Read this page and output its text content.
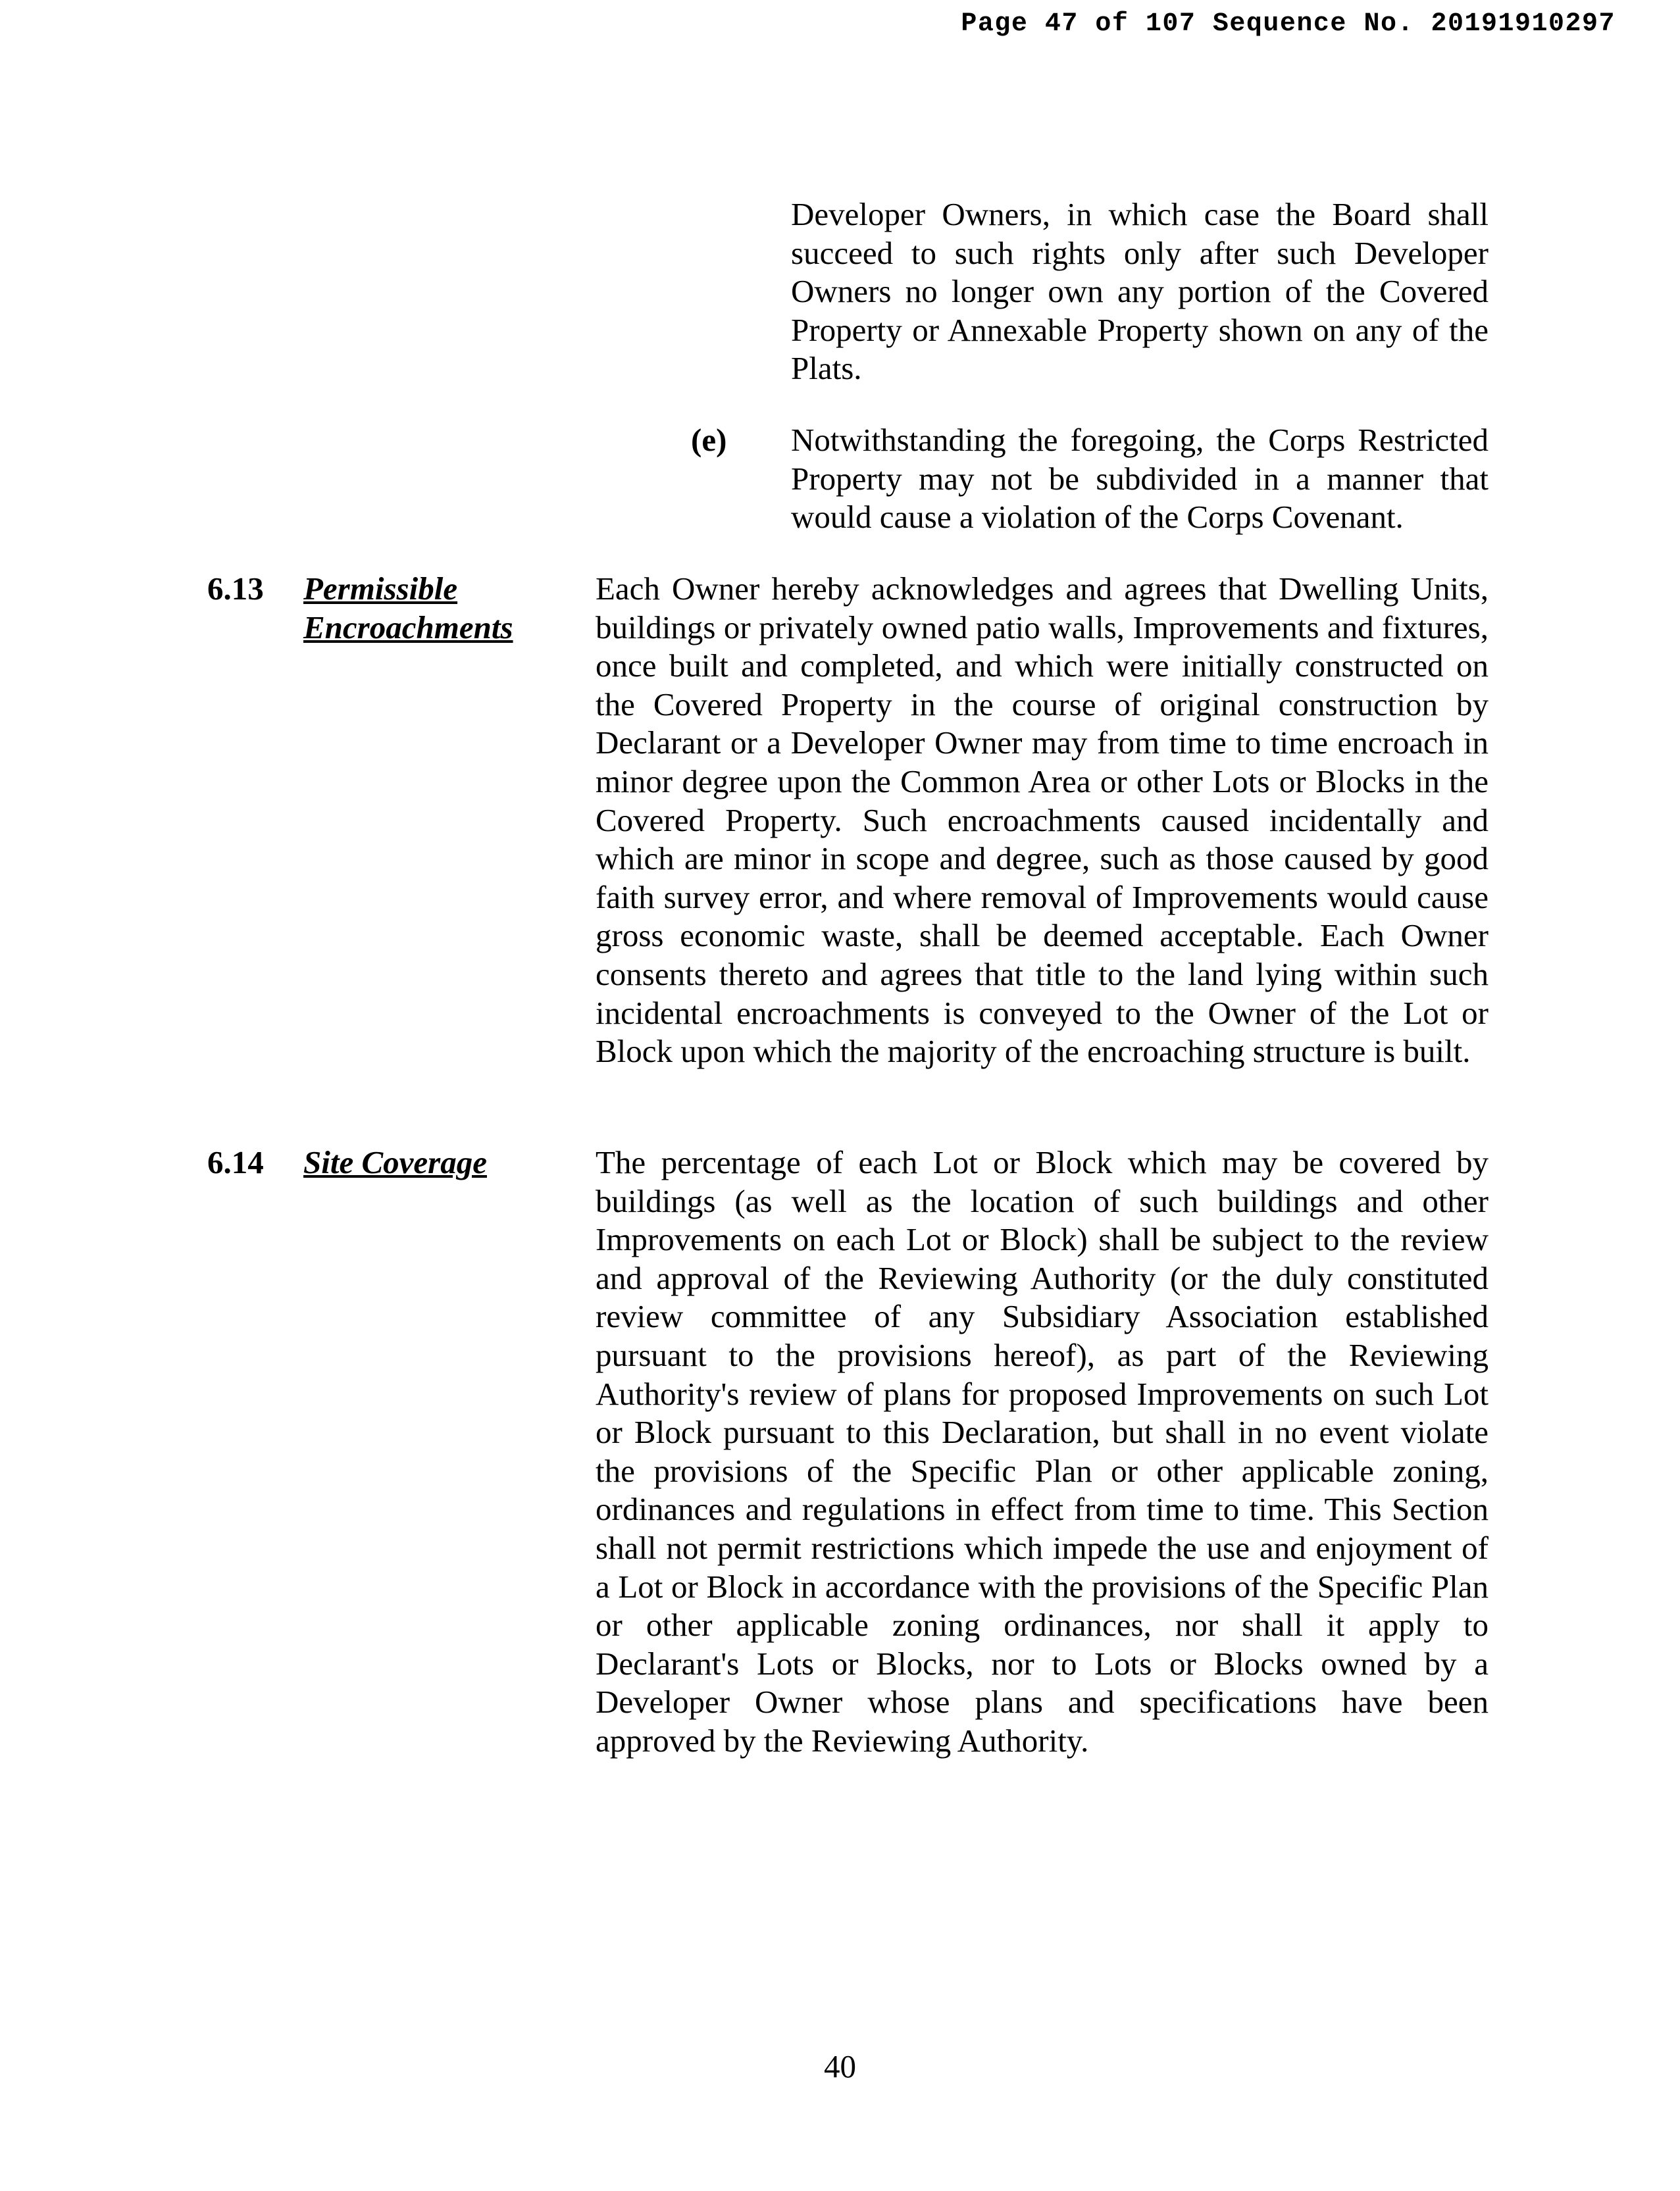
Page 47 of 107 Sequence No. 20191910297

Developer Owners, in which case the Board shall succeed to such rights only after such Developer Owners no longer own any portion of the Covered Property or Annexable Property shown on any of the Plats.

(e) Notwithstanding the foregoing, the Corps Restricted Property may not be subdivided in a manner that would cause a violation of the Corps Covenant.

6.13 Permissible
Encroachments

Each Owner hereby acknowledges and agrees that Dwelling Units, buildings or privately owned patio walls, Improvements and fixtures, once built and completed, and which were initially constructed on the Covered Property in the course of original construction by Declarant or a Developer Owner may from time to time encroach in minor degree upon the Common Area or other Lots or Blocks in the Covered Property. Such encroachments caused incidentally and which are minor in scope and degree, such as those caused by good faith survey error, and where removal of Improvements would cause gross economic waste, shall be deemed acceptable. Each Owner consents thereto and agrees that title to the land lying within such incidental encroachments is conveyed to the Owner of the Lot or Block upon which the majority of the encroaching structure is built.

6.14 Site Coverage	The percentage of each Lot or Block which may be covered by buildings (as well as the location of such buildings and other Improvements on each Lot or Block) shall be subject to the review and approval of the Reviewing Authority (or the duly constituted review committee of any Subsidiary Association established pursuant to the provisions hereof), as part of the Reviewing Authority's review of plans for proposed Improvements on such Lot or Block pursuant to this Declaration, but shall in no event violate the provisions of the Specific Plan or other applicable zoning, ordinances and regulations in effect from time to time. This Section shall not permit restrictions which impede the use and enjoyment of a Lot or Block in accordance with the provisions of the Specific Plan or other applicable zoning ordinances, nor shall it apply to Declarant's Lots or Blocks, nor to Lots or Blocks owned by a Developer Owner whose plans and specifications have been approved by the Reviewing Authority.

40
